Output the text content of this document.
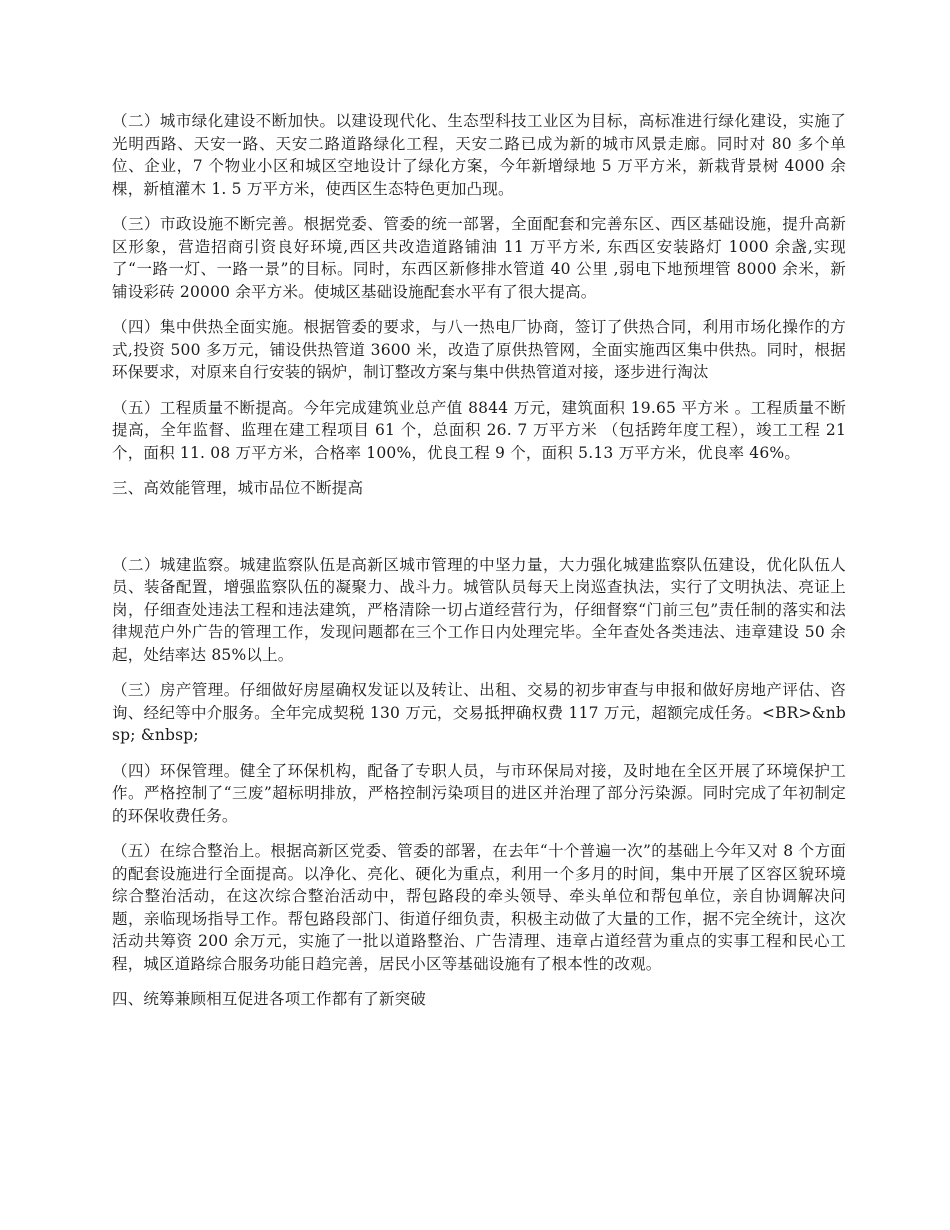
（二）城市绿化建设不断加快。以建设现代化、生态型科技工业区为目标，高标准进行绿化建设，实施了光明西路、天安一路、天安二路道路绿化工程，天安二路已成为新的城市风景走廊。同时对 80 多个单位、企业，7 个物业小区和城区空地设计了绿化方案，今年新增绿地 5 万平方米，新栽背景树 4000 余棵，新植灌木 1. 5 万平方米，使西区生态特色更加凸现。

（三）市政设施不断完善。根据党委、管委的统一部署，全面配套和完善东区、西区基础设施，提升高新区形象，营造招商引资良好环境,西区共改造道路铺油 11 万平方米, 东西区安装路灯 1000 余盏,实现了“一路一灯、一路一景”的目标。同时，东西区新修排水管道 40 公里 ,弱电下地预埋管 8000 余米，新铺设彩砖 20000 余平方米。使城区基础设施配套水平有了很大提高。

（四）集中供热全面实施。根据管委的要求，与八一热电厂协商，签订了供热合同，利用市场化操作的方式,投资 500 多万元，铺设供热管道 3600 米，改造了原供热管网，全面实施西区集中供热。同时，根据环保要求，对原来自行安装的锅炉，制订整改方案与集中供热管道对接，逐步进行淘汰

（五）工程质量不断提高。今年完成建筑业总产值 8844 万元，建筑面积 19.65 平方米 。工程质量不断提高，全年监督、监理在建工程项目 61 个，总面积 26. 7 万平方米 （包括跨年度工程），竣工工程 21 个，面积 11. 08 万平方米，合格率 100%，优良工程 9 个，面积 5.13 万平方米，优良率 46%。

三、高效能管理，城市品位不断提高

（二）城建监察。城建监察队伍是高新区城市管理的中坚力量，大力强化城建监察队伍建设，优化队伍人员、装备配置，增强监察队伍的凝聚力、战斗力。城管队员每天上岗巡查执法，实行了文明执法、亮证上岗，仔细查处违法工程和违法建筑，严格清除一切占道经营行为，仔细督察“门前三包”责任制的落实和法律规范户外广告的管理工作，发现问题都在三个工作日内处理完毕。全年查处各类违法、违章建设 50 余起，处结率达 85%以上。

（三）房产管理。仔细做好房屋确权发证以及转让、出租、交易的初步审查与申报和做好房地产评估、咨询、经纪等中介服务。全年完成契税 130 万元，交易抵押确权费 117 万元，超额完成任务。<BR>&nbsp; &nbsp;

（四）环保管理。健全了环保机构，配备了专职人员，与市环保局对接，及时地在全区开展了环境保护工作。严格控制了“三废”超标明排放，严格控制污染项目的进区并治理了部分污染源。同时完成了年初制定的环保收费任务。

（五）在综合整治上。根据高新区党委、管委的部署，在去年“十个普遍一次”的基础上今年又对 8 个方面的配套设施进行全面提高。以净化、亮化、硬化为重点，利用一个多月的时间，集中开展了区容区貌环境综合整治活动，在这次综合整治活动中，帮包路段的牵头领导、牵头单位和帮包单位，亲自协调解决问题，亲临现场指导工作。帮包路段部门、街道仔细负责，积极主动做了大量的工作，据不完全统计，这次活动共筹资 200 余万元，实施了一批以道路整治、广告清理、违章占道经营为重点的实事工程和民心工程，城区道路综合服务功能日趋完善，居民小区等基础设施有了根本性的改观。

四、统筹兼顾相互促进各项工作都有了新突破
